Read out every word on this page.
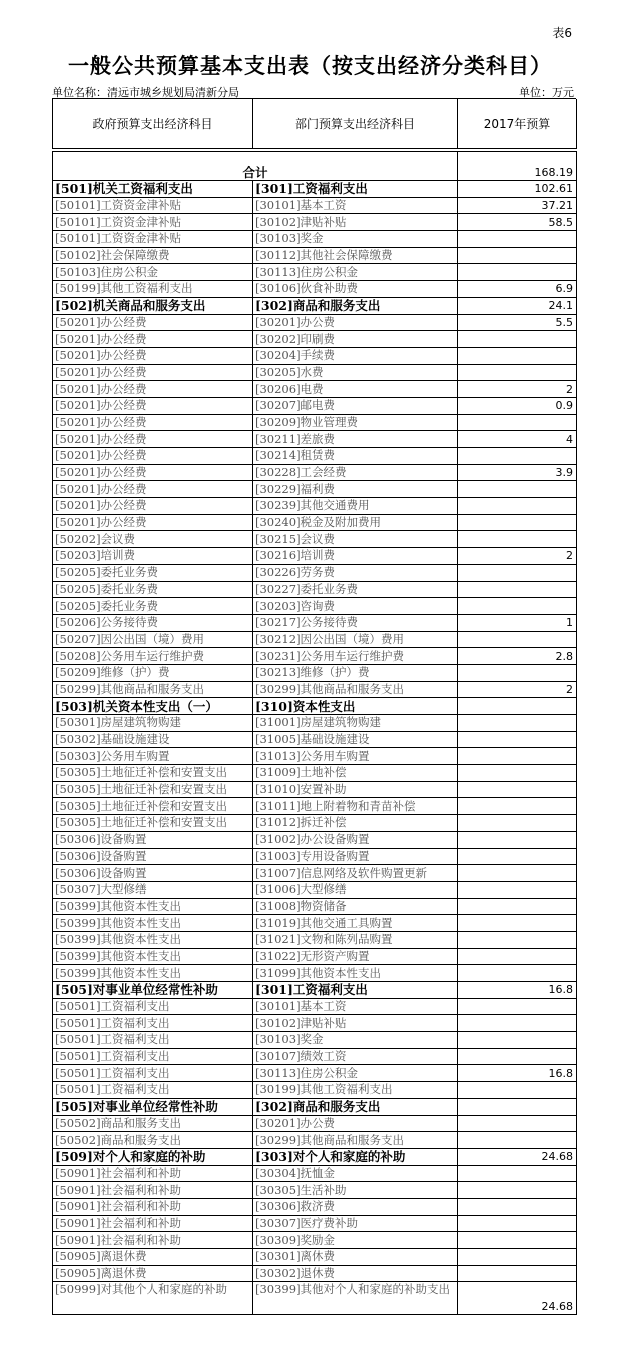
表6
一般公共预算基本支出表（按支出经济分类科目）
单位名称：清远市城乡规划局清新分局	单位：万元
政府预算支出经济科目	部门预算支出经济科目	2017年预算
合计		168.19
[501]机关工资福利支出	[301]工资福利支出	102.61
[50101]工资资金津补贴	[30101]基本工资	37.21
[50101]工资资金津补贴	[30102]津贴补贴	58.5
[50101]工资资金津补贴	[30103]奖金	
[50102]社会保障缴费	[30112]其他社会保障缴费	
[50103]住房公积金	[30113]住房公积金	
[50199]其他工资福利支出	[30106]伙食补助费	6.9
[502]机关商品和服务支出	[302]商品和服务支出	24.1
[50201]办公经费	[30201]办公费	5.5
[50201]办公经费	[30202]印刷费	
[50201]办公经费	[30204]手续费	
[50201]办公经费	[30205]水费	
[50201]办公经费	[30206]电费	2
[50201]办公经费	[30207]邮电费	0.9
[50201]办公经费	[30209]物业管理费	
[50201]办公经费	[30211]差旅费	4
[50201]办公经费	[30214]租赁费	
[50201]办公经费	[30228]工会经费	3.9
[50201]办公经费	[30229]福利费	
[50201]办公经费	[30239]其他交通费用	
[50201]办公经费	[30240]税金及附加费用	
[50202]会议费	[30215]会议费	
[50203]培训费	[30216]培训费	2
[50205]委托业务费	[30226]劳务费	
[50205]委托业务费	[30227]委托业务费	
[50205]委托业务费	[30203]咨询费	
[50206]公务接待费	[30217]公务接待费	1
[50207]因公出国（境）费用	[30212]因公出国（境）费用	
[50208]公务用车运行维护费	[30231]公务用车运行维护费	2.8
[50209]维修（护）费	[30213]维修（护）费	
[50299]其他商品和服务支出	[30299]其他商品和服务支出	2
[503]机关资本性支出（一）	[310]资本性支出	
[50301]房屋建筑物购建	[31001]房屋建筑物购建	
[50302]基础设施建设	[31005]基础设施建设	
[50303]公务用车购置	[31013]公务用车购置	
[50305]土地征迁补偿和安置支出	[31009]土地补偿	
[50305]土地征迁补偿和安置支出	[31010]安置补助	
[50305]土地征迁补偿和安置支出	[31011]地上附着物和青苗补偿	
[50305]土地征迁补偿和安置支出	[31012]拆迁补偿	
[50306]设备购置	[31002]办公设备购置	
[50306]设备购置	[31003]专用设备购置	
[50306]设备购置	[31007]信息网络及软件购置更新	
[50307]大型修缮	[31006]大型修缮	
[50399]其他资本性支出	[31008]物资储备	
[50399]其他资本性支出	[31019]其他交通工具购置	
[50399]其他资本性支出	[31021]文物和陈列品购置	
[50399]其他资本性支出	[31022]无形资产购置	
[50399]其他资本性支出	[31099]其他资本性支出	
[505]对事业单位经常性补助	[301]工资福利支出	16.8
[50501]工资福利支出	[30101]基本工资	
[50501]工资福利支出	[30102]津贴补贴	
[50501]工资福利支出	[30103]奖金	
[50501]工资福利支出	[30107]绩效工资	
[50501]工资福利支出	[30113]住房公积金	16.8
[50501]工资福利支出	[30199]其他工资福利支出	
[505]对事业单位经常性补助	[302]商品和服务支出	
[50502]商品和服务支出	[30201]办公费	
[50502]商品和服务支出	[30299]其他商品和服务支出	
[509]对个人和家庭的补助	[303]对个人和家庭的补助	24.68
[50901]社会福利和补助	[30304]抚恤金	
[50901]社会福利和补助	[30305]生活补助	
[50901]社会福利和补助	[30306]救济费	
[50901]社会福利和补助	[30307]医疗费补助	
[50901]社会福利和补助	[30309]奖励金	
[50905]离退休费	[30301]离休费	
[50905]离退休费	[30302]退休费	
[50999]对其他个人和家庭的补助	[30399]其他对个人和家庭的补助支出	24.68
